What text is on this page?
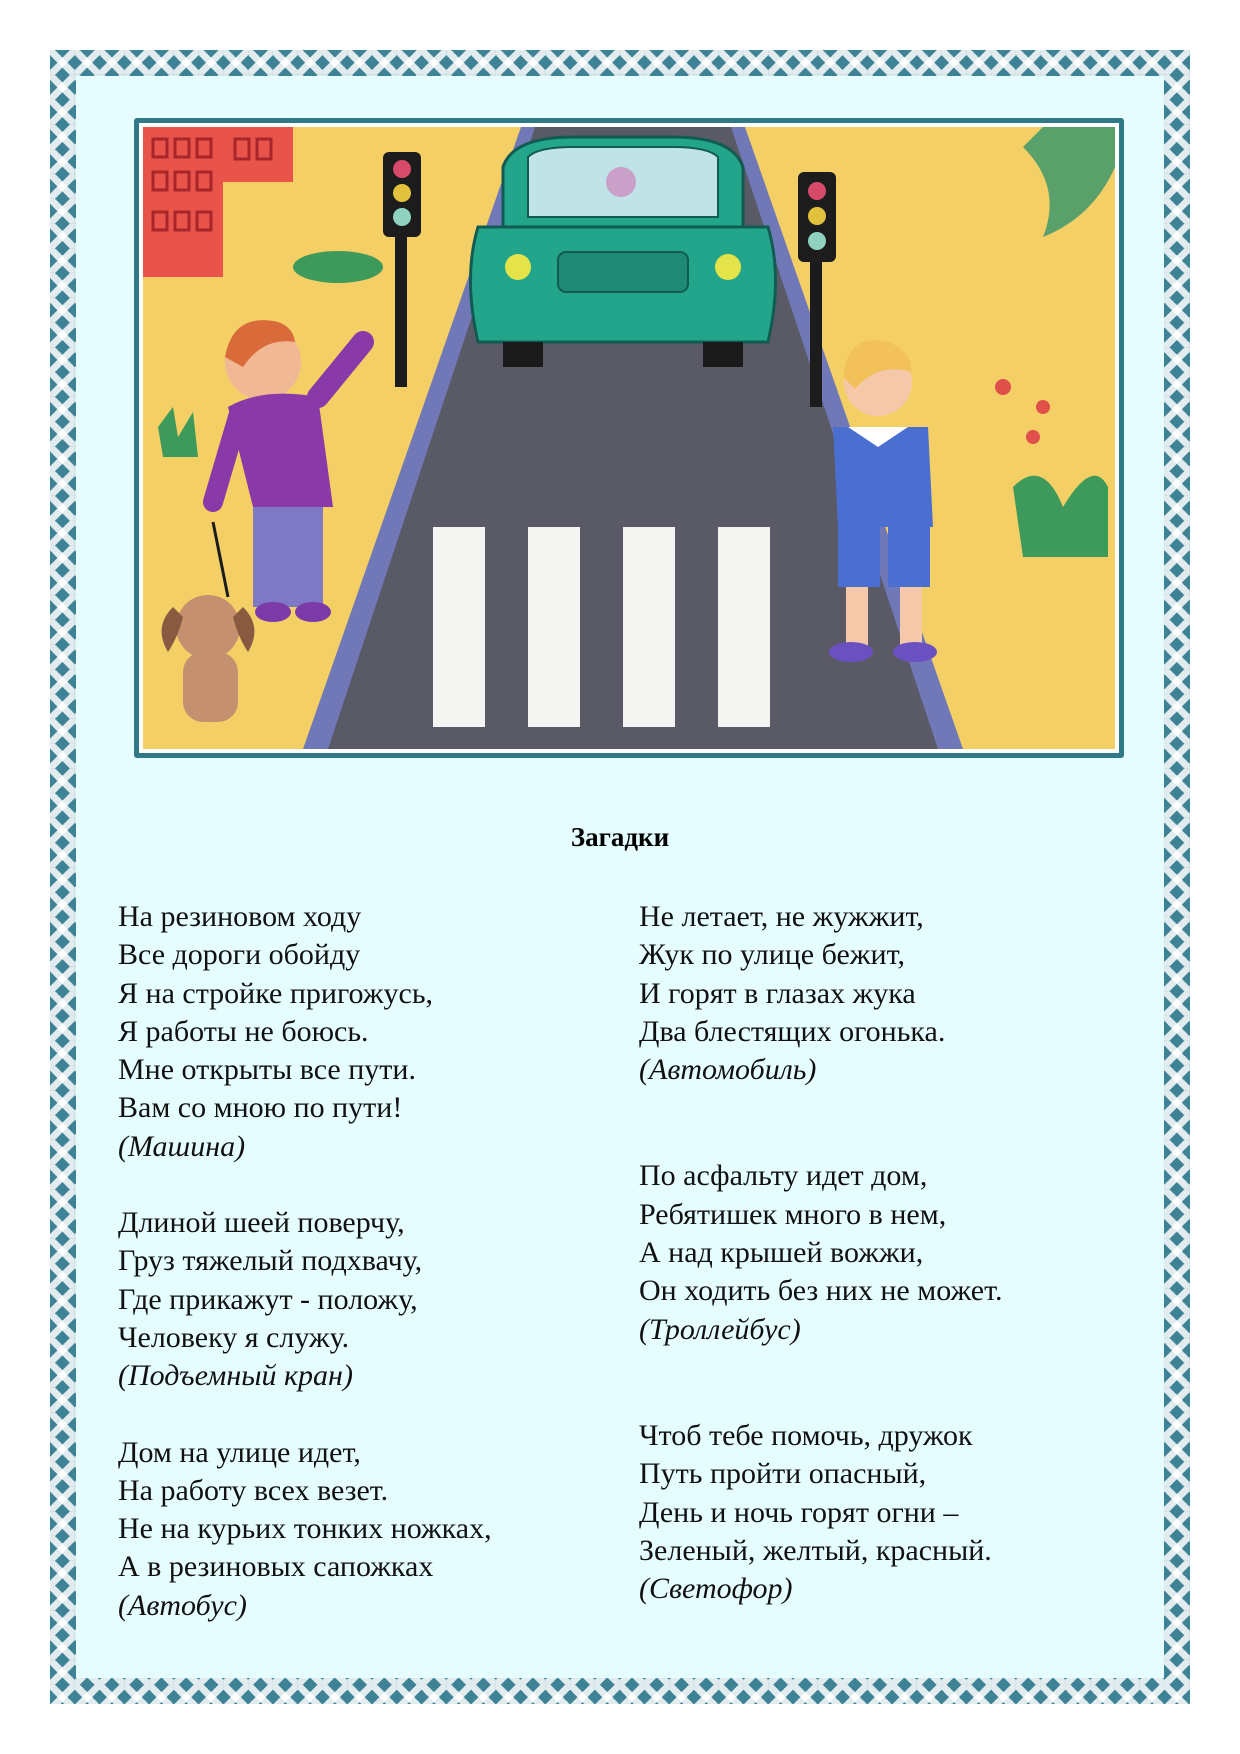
Загадки
На резиновом ходу
Все дороги обойду
Я на стройке пригожусь,
Я работы не боюсь.
Мне открыты все пути.
Вам со мною по пути!
(Машина)
Длиной шеей поверчу,
Груз тяжелый подхвачу,
Где прикажут - положу,
Человеку я служу.
(Подъемный кран)
Дом на улице идет,
На работу всех везет.
Не на курьих тонких ножках,
А в резиновых сапожках
(Автобус)
Не летает, не жужжит,
Жук по улице бежит,
И горят в глазах жука
Два блестящих огонька.
(Автомобиль)
По асфальту идет дом,
Ребятишек много в нем,
А над крышей вожжи,
Он ходить без них не может.
(Троллейбус)
Чтоб тебе помочь, дружок
Путь пройти опасный,
День и ночь горят огни –
Зеленый, желтый, красный.
(Светофор)
